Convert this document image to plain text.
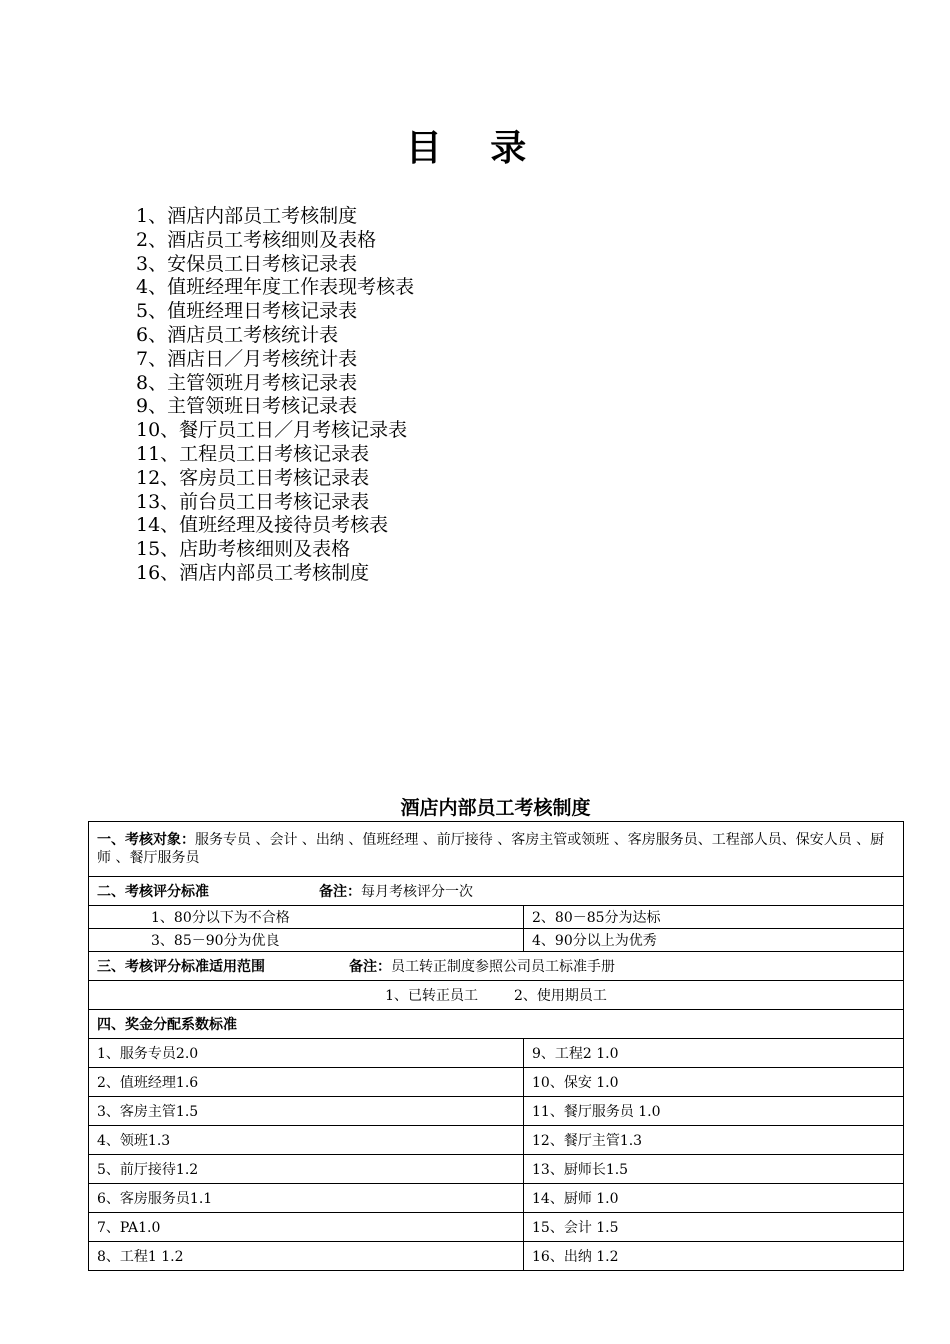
目 录
1、酒店内部员工考核制度
2、酒店员工考核细则及表格
3、安保员工日考核记录表
4、值班经理年度工作表现考核表
5、值班经理日考核记录表
6、酒店员工考核统计表
7、酒店日／月考核统计表
8、主管领班月考核记录表
9、主管领班日考核记录表
10、餐厅员工日／月考核记录表
11、工程员工日考核记录表
12、客房员工日考核记录表
13、前台员工日考核记录表
14、值班经理及接待员考核表
15、店助考核细则及表格
16、酒店内部员工考核制度
酒店内部员工考核制度
一、考核对象：服务专员 、会计 、出纳 、值班经理 、前厅接待 、客房主管或领班 、客房服务员、工程部人员、保安人员 、厨师 、餐厅服务员	
二、考核评分标准 备注：每月考核评分一次	
1、80分以下为不合格	2、80－85分为达标
3、85－90分为优良	4、90分以上为优秀
三、考核评分标准适用范围 备注：员工转正制度参照公司员工标准手册	
1、已转正员工 2、使用期员工	
四、奖金分配系数标准	
1、服务专员2.0	9、工程2 1.0
2、值班经理1.6	10、保安 1.0
3、客房主管1.5	11、餐厅服务员 1.0
4、领班1.3	12、餐厅主管1.3
5、前厅接待1.2	13、厨师长1.5
6、客房服务员1.1	14、厨师 1.0
7、PA1.0	15、会计 1.5
8、工程1 1.2	16、出纳 1.2
